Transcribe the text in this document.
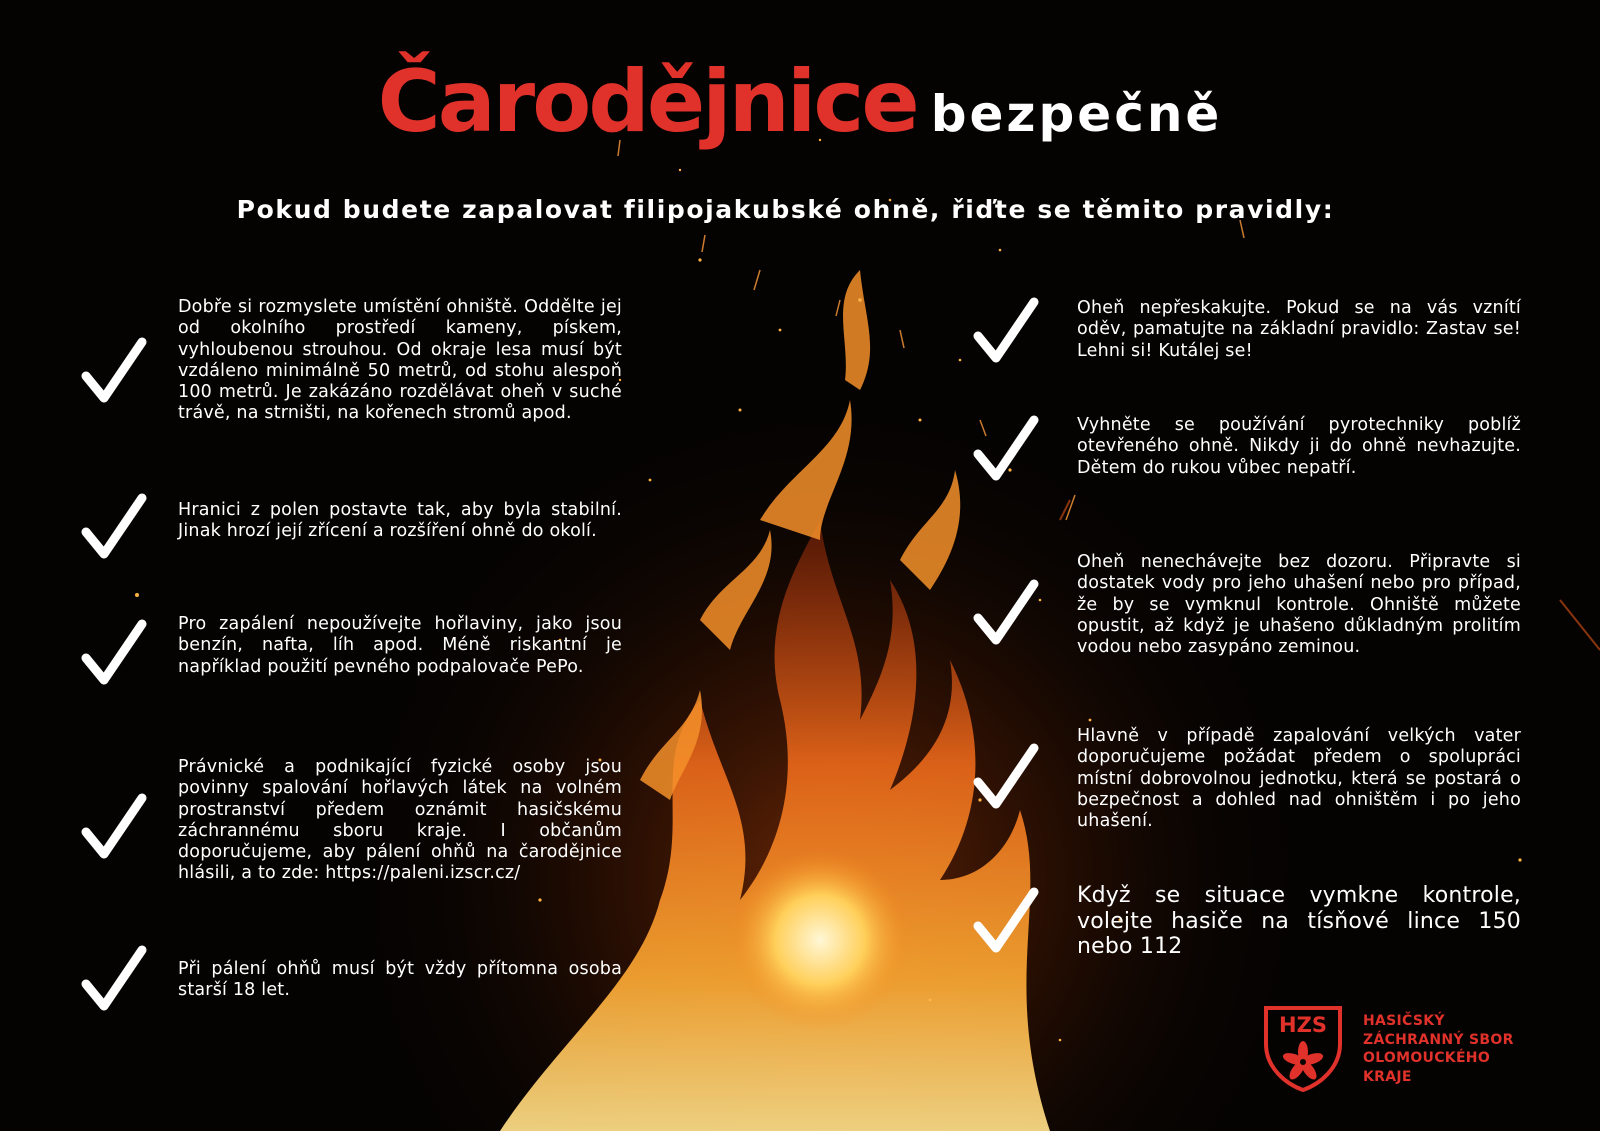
Čarodějnice bezpečně
Pokud budete zapalovat filipojakubské ohně, řiďte se těmito pravidly:

Dobře si rozmyslete umístění ohniště. Oddělte jej od okolního prostředí kameny, pískem, vyhloubenou strouhou. Od okraje lesa musí být vzdáleno minimálně 50 metrů, od stohu alespoň 100 metrů. Je zakázáno rozdělávat oheň v suché trávě, na strništi, na kořenech stromů apod.

Hranici z polen postavte tak, aby byla stabilní. Jinak hrozí její zřícení a rozšíření ohně do okolí.

Pro zapálení nepoužívejte hořlaviny, jako jsou benzín, nafta, líh apod. Méně riskantní je například použití pevného podpalovače PePo.

Právnické a podnikající fyzické osoby jsou povinny spalování hořlavých látek na volném prostranství předem oznámit hasičskému záchrannému sboru kraje. I občanům doporučujeme, aby pálení ohňů na čarodějnice hlásili, a to zde: https://paleni.izscr.cz/

Při pálení ohňů musí být vždy přítomna osoba starší 18 let.

Oheň nepřeskakujte. Pokud se na vás vznítí oděv, pamatujte na základní pravidlo: Zastav se! Lehni si! Kutálej se!

Vyhněte se používání pyrotechniky poblíž otevřeného ohně. Nikdy ji do ohně nevhazujte. Dětem do rukou vůbec nepatří.

Oheň nenechávejte bez dozoru. Připravte si dostatek vody pro jeho uhašení nebo pro případ, že by se vymknul kontrole. Ohniště můžete opustit, až když je uhašeno důkladným prolitím vodou nebo zasypáno zeminou.

Hlavně v případě zapalování velkých vater doporučujeme požádat předem o spolupráci místní dobrovolnou jednotku, která se postará o bezpečnost a dohled nad ohništěm i po jeho uhašení.

Když se situace vymkne kontrole, volejte hasiče na tísňové lince 150 nebo 112

HZS	HASIČSKÝ
ZÁCHRANNÝ SBOR
OLOMOUCKÉHO
KRAJE
